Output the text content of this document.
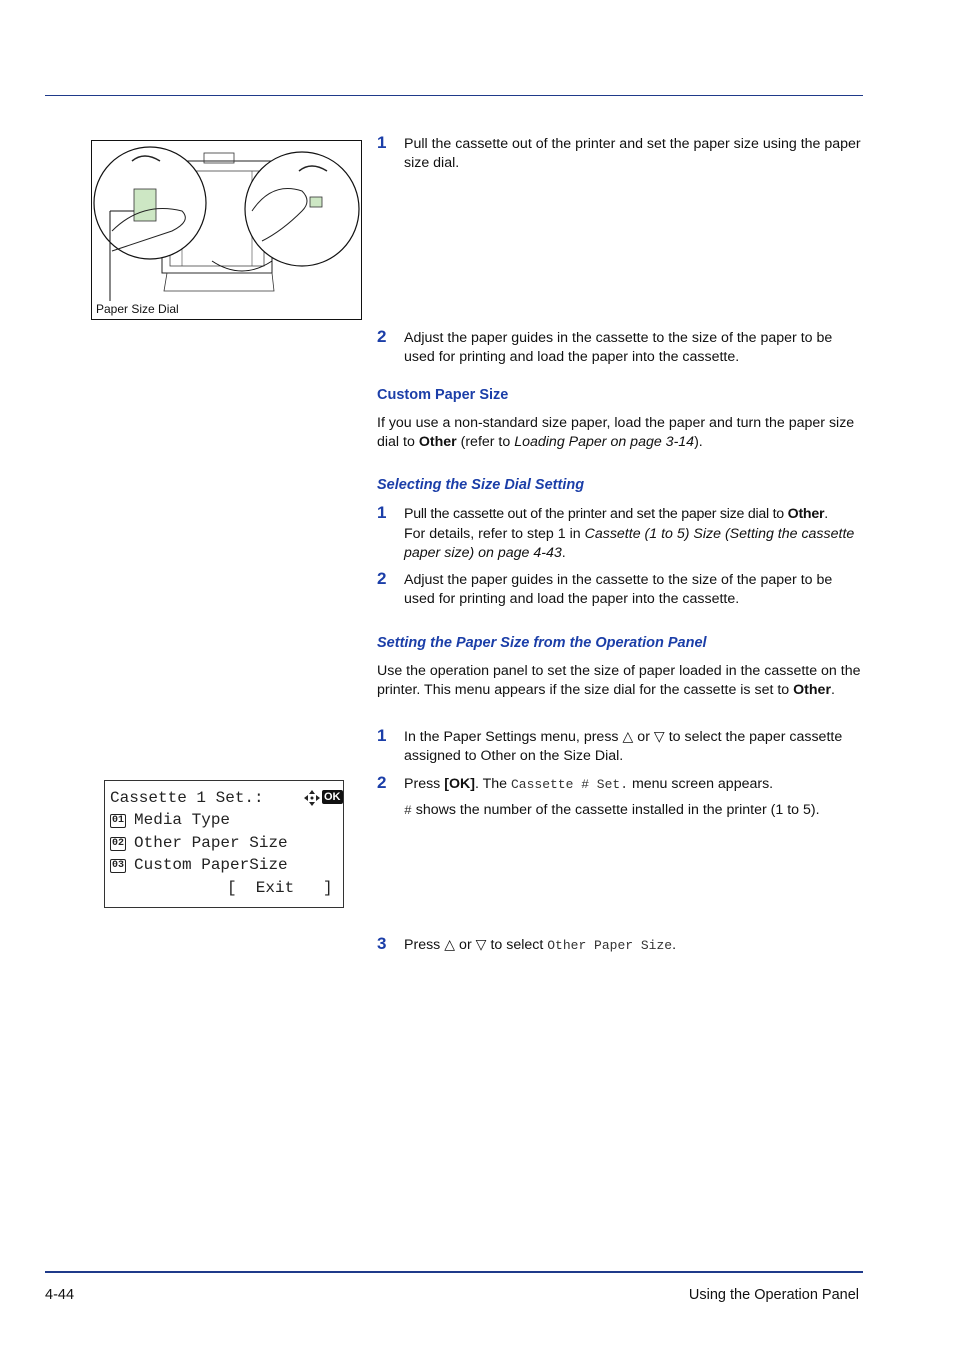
Paper Size Dial
1 Pull the cassette out of the printer and set the paper size using the paper size dial.
2 Adjust the paper guides in the cassette to the size of the paper to be used for printing and load the paper into the cassette.
Custom Paper Size
If you use a non-standard size paper, load the paper and turn the paper size dial to Other (refer to Loading Paper on page 3-14).
Selecting the Size Dial Setting
1 Pull the cassette out of the printer and set the paper size dial to Other.
For details, refer to step 1 in Cassette (1 to 5) Size (Setting the cassette paper size) on page 4-43.
2 Adjust the paper guides in the cassette to the size of the paper to be used for printing and load the paper into the cassette.
Setting the Paper Size from the Operation Panel
Use the operation panel to set the size of paper loaded in the cassette on the printer. This menu appears if the size dial for the cassette is set to Other.
1 In the Paper Settings menu, press △ or ▽ to select the paper cassette assigned to Other on the Size Dial.
2 Press [OK]. The Cassette # Set. menu screen appears.
# shows the number of the cassette installed in the printer (1 to 5).
Cassette 1 Set.:	OK
01 Media Type
02 Other Paper Size
03 Custom PaperSize
[  Exit   ]
3 Press △ or ▽ to select Other Paper Size.
4-44	Using the Operation Panel
